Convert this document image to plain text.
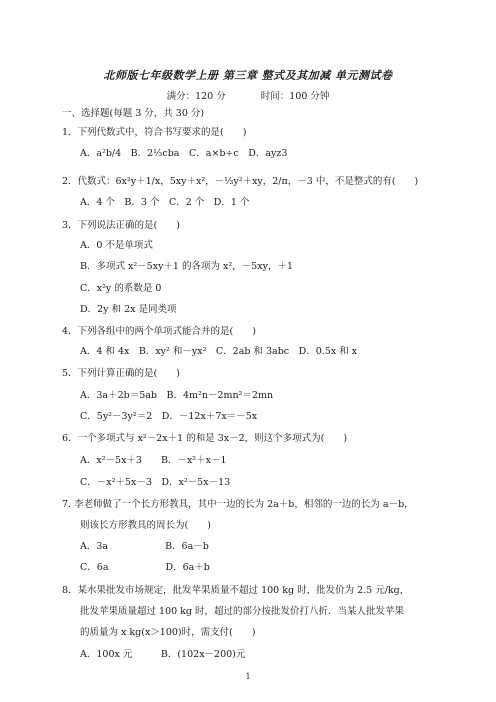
北师版七年级数学上册 第三章 整式及其加减 单元测试卷
满分：120 分	时间：100 分钟
一、选择题(每题 3 分，共 30 分)
1．下列代数式中，符合书写要求的是(　　)
A．a²b/4　B．2⅓cba　C．a×b÷c　D．ayz3
2．代数式：6x²y＋1/x，5xy＋x²，－⅓y²＋xy，2/π，－3 中，不是整式的有(　　)
A．4 个　B．3 个　C．2 个　D．1 个
3．下列说法正确的是(　　)
A．0 不是单项式
B．多项式 x²－5xy＋1 的各项为 x²，－5xy，＋1
C．x²y 的系数是 0
D．2y 和 2x 是同类项
4．下列各组中的两个单项式能合并的是(　　)
A．4 和 4x　B．xy² 和－yx²　C．2ab 和 3abc　D．0.5x 和 x
5．下列计算正确的是(　　)
A．3a＋2b＝5ab　B．4m²n－2mn²＝2mn
C．5y²－3y²＝2　D．－12x＋7x＝－5x
6．一个多项式与 x²－2x＋1 的和是 3x－2，则这个多项式为(　　)
A．x²－5x＋3　　B．－x²＋x－1
C．－x²＋5x－3　D．x²－5x－13
7. 李老师做了一个长方形教具，其中一边的长为 2a＋b，相邻的一边的长为 a－b，
则该长方形教具的周长为(　　)
A．3a　　　　　　B．6a－b
C．6a　　　　　　D．6a＋b
8．某水果批发市场规定，批发苹果质量不超过 100 kg 时，批发价为 2.5 元/kg，
批发苹果质量超过 100 kg 时，超过的部分按批发价打八折．当某人批发苹果
的质量为 x kg(x＞100)时，需支付(　　)
A．100x 元　　　B．(102x－200)元
1
